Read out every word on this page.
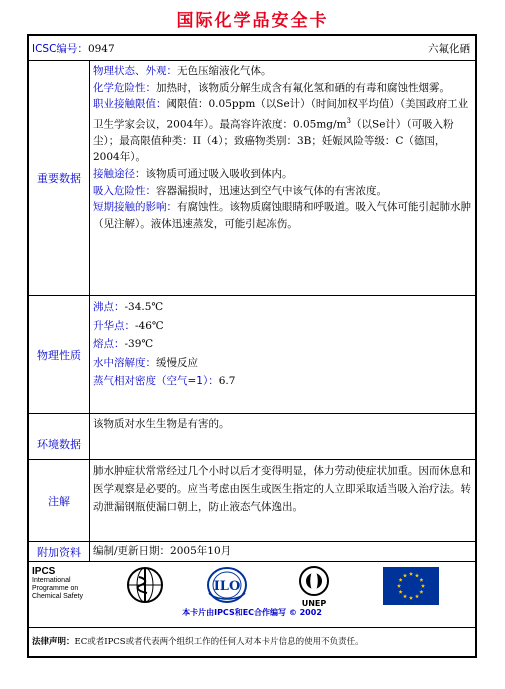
国际化学品安全卡
ICSC编号：0947	六氟化硒
重要数据
物理状态、外观：无色压缩液化气体。
化学危险性：加热时，该物质分解生成含有氟化氢和硒的有毒和腐蚀性烟雾。
职业接触限值：阈限值：0.05ppm（以Se计）（时间加权平均值）（美国政府工业卫生学家会议，2004年）。最高容许浓度：$0.05mg/m^3$（以Se计）（可吸入粉尘）；最高限值种类：II（4）；致癌物类别：3B；妊娠风险等级：C（德国，2004年）。
接触途径：该物质可通过吸入吸收到体内。
吸入危险性：容器漏损时，迅速达到空气中该气体的有害浓度。
短期接触的影响：有腐蚀性。该物质腐蚀眼睛和呼吸道。吸入气体可能引起肺水肿（见注解）。液体迅速蒸发，可能引起冻伤。
物理性质
沸点：-34.5℃
升华点：-46℃
熔点：-39℃
水中溶解度：缓慢反应
蒸气相对密度（空气=1）：6.7
环境数据
该物质对水生生物是有害的。
注解
肺水肿症状常常经过几个小时以后才变得明显，体力劳动使症状加重。因而休息和医学观察是必要的。应当考虑由医生或医生指定的人立即采取适当吸入治疗法。转动泄漏钢瓶使漏口朝上，防止液态气体逸出。
附加资料	编制/更新日期：2005年10月
IPCS
International
Programme on
Chemical Safety
ILO
UNEP
本卡片由IPCS和EC合作编写 © 2002
法律声明：EC或者IPCS或者代表两个组织工作的任何人对本卡片信息的使用不负责任。
